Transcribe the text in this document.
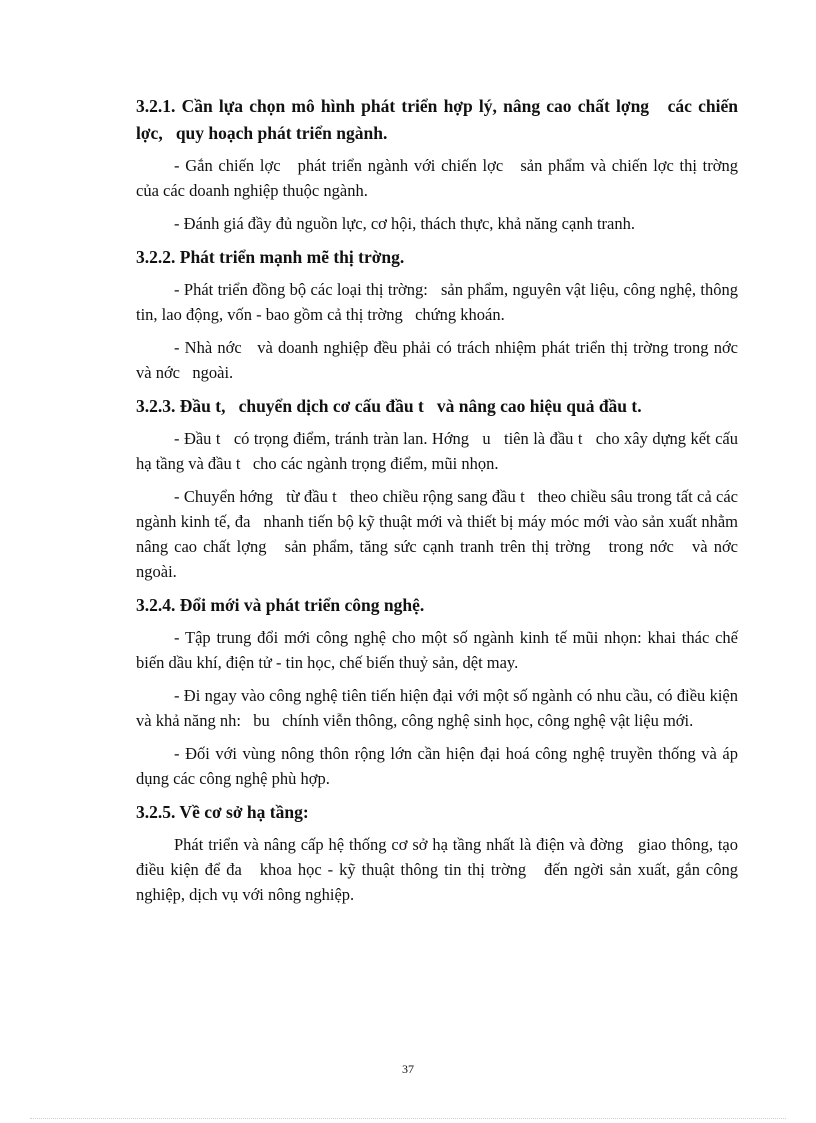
3.2.1. Cần lựa chọn mô hình phát triển hợp lý, nâng cao chất lợng   các chiến lợc,   quy hoạch phát triển ngành.

- Gắn chiến lợc   phát triển ngành với chiến lợc   sản phẩm và chiến lợc thị trờng   của các doanh nghiệp thuộc ngành.

- Đánh giá đầy đủ nguồn lực, cơ hội, thách thực, khả năng cạnh tranh.

3.2.2. Phát triển mạnh mẽ thị trờng.

- Phát triển đồng bộ các loại thị trờng:   sản phẩm, nguyên vật liệu, công nghệ, thông tin, lao động, vốn - bao gồm cả thị trờng   chứng khoán.

- Nhà nớc   và doanh nghiệp đều phải có trách nhiệm phát triển thị trờng trong nớc   và nớc   ngoài.

3.2.3. Đầu t,   chuyển dịch cơ cấu đầu t   và nâng cao hiệu quả đầu t.

- Đầu t   có trọng điểm, tránh tràn lan. Hớng   u   tiên là đầu t   cho xây dựng kết cấu hạ tầng và đầu t   cho các ngành trọng điểm, mũi nhọn.

- Chuyển hớng   từ đầu t   theo chiều rộng sang đầu t   theo chiều sâu trong tất cả các ngành kinh tế, đa   nhanh tiến bộ kỹ thuật mới và thiết bị máy móc mới vào sản xuất nhằm nâng cao chất lợng   sản phẩm, tăng sức cạnh tranh trên thị trờng   trong nớc   và nớc   ngoài.

3.2.4. Đổi mới và phát triển công nghệ.

- Tập trung đổi mới công nghệ cho một số ngành kinh tế mũi nhọn: khai thác chế biến dầu khí, điện tử - tin học, chế biến thuỷ sản, dệt may.

- Đi ngay vào công nghệ tiên tiến hiện đại với một số ngành có nhu cầu, có điều kiện và khả năng nh:   bu   chính viễn thông, công nghệ sinh học, công nghệ vật liệu mới.

- Đối với vùng nông thôn rộng lớn cần hiện đại hoá công nghệ truyền thống và áp dụng các công nghệ phù hợp.

3.2.5. Về cơ sở hạ tầng:

Phát triển và nâng cấp hệ thống cơ sở hạ tầng nhất là điện và đờng   giao thông, tạo điều kiện để đa   khoa học - kỹ thuật thông tin thị trờng   đến ngời sản xuất, gắn công nghiệp, dịch vụ với nông nghiệp.

37
